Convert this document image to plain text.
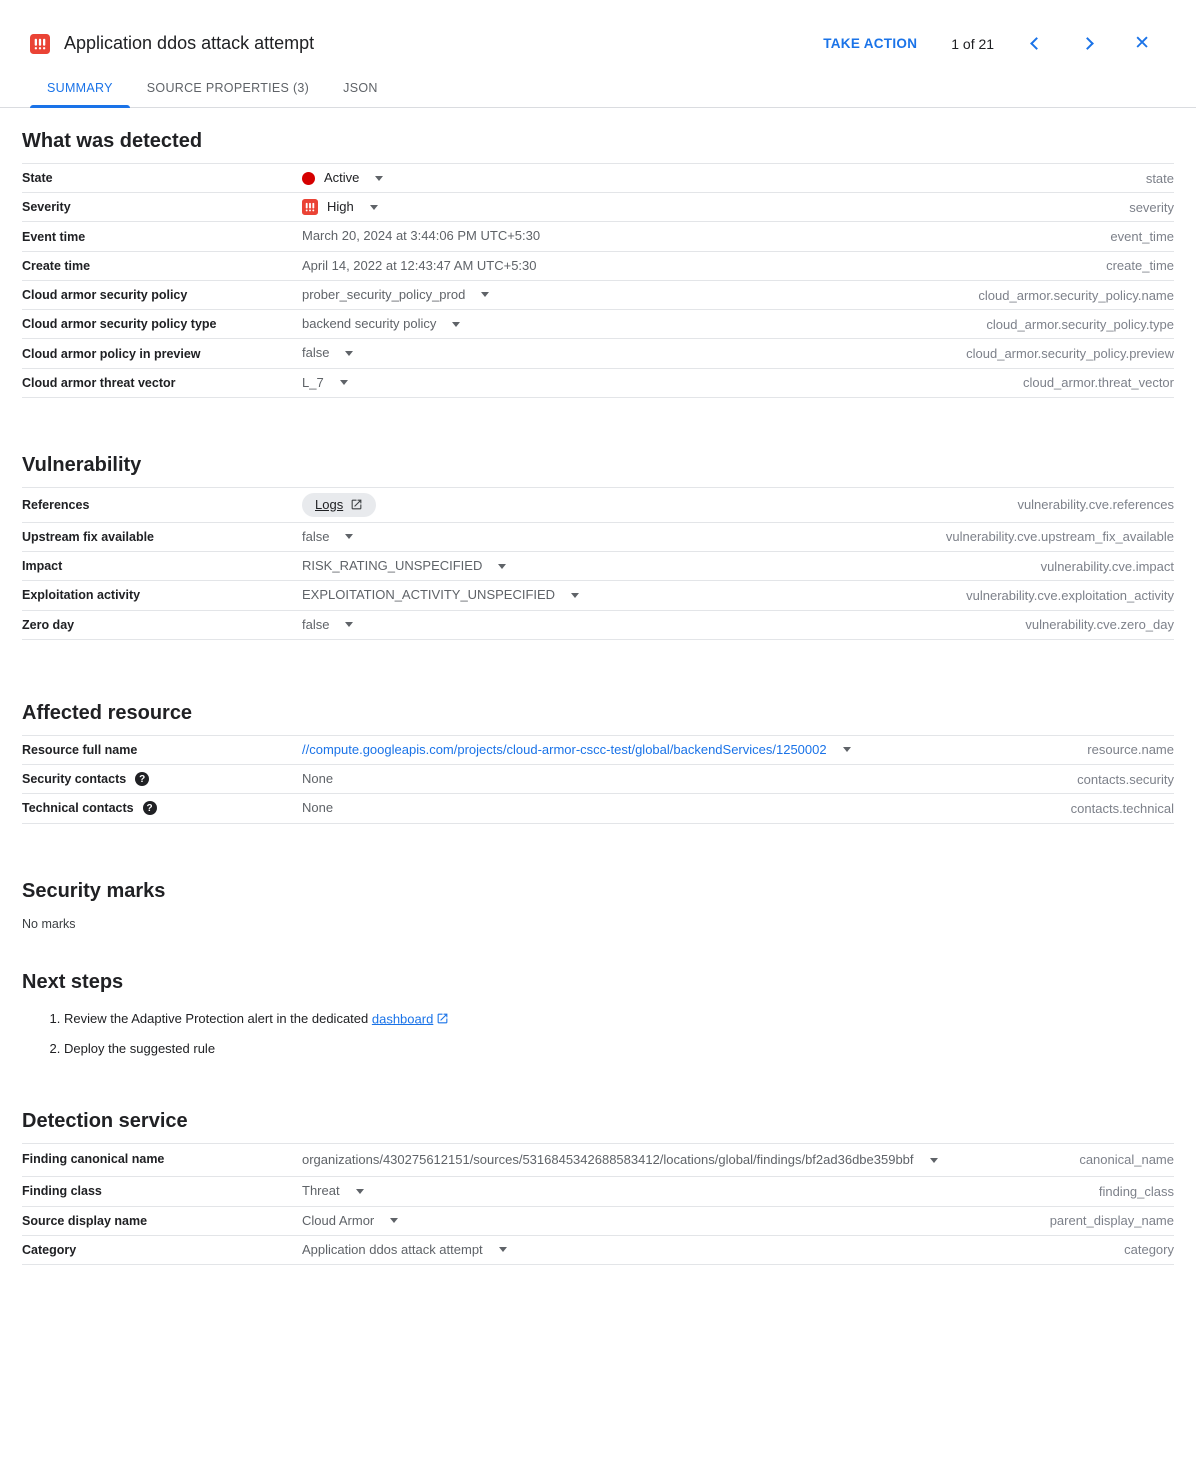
Application ddos attack attempt	TAKE ACTION 1 of 21	✕
SUMMARY	SOURCE PROPERTIES (3)	JSON
What was detected
State	Active	state
Severity	High	severity
Event time	March 20, 2024 at 3:44:06 PM UTC+5:30	event_time
Create time	April 14, 2022 at 12:43:47 AM UTC+5:30	create_time
Cloud armor security policy	prober_security_policy_prod	cloud_armor.security_policy.name
Cloud armor security policy type	backend security policy	cloud_armor.security_policy.type
Cloud armor policy in preview	false	cloud_armor.security_policy.preview
Cloud armor threat vector	L_7	cloud_armor.threat_vector
Vulnerability
References	Logs	vulnerability.cve.references
Upstream fix available	false	vulnerability.cve.upstream_fix_available
Impact	RISK_RATING_UNSPECIFIED	vulnerability.cve.impact
Exploitation activity	EXPLOITATION_ACTIVITY_UNSPECIFIED	vulnerability.cve.exploitation_activity
Zero day	false	vulnerability.cve.zero_day
Affected resource
Resource full name	//compute.googleapis.com/projects/cloud-armor-cscc-test/global/backendServices/1250002	resource.name
Security contacts	?	None	contacts.security
Technical contacts	?	None	contacts.technical
Security marks

No marks

Next steps
1. Review the Adaptive Protection alert in the dedicated dashboard
2. Deploy the suggested rule
Detection service
Finding canonical name	organizations/430275612151/sources/5316845342688583412/locations/global/findings/bf2ad36dbe359bbf	canonical_name
Finding class	Threat	finding_class
Source display name	Cloud Armor	parent_display_name
Category	Application ddos attack attempt	category
